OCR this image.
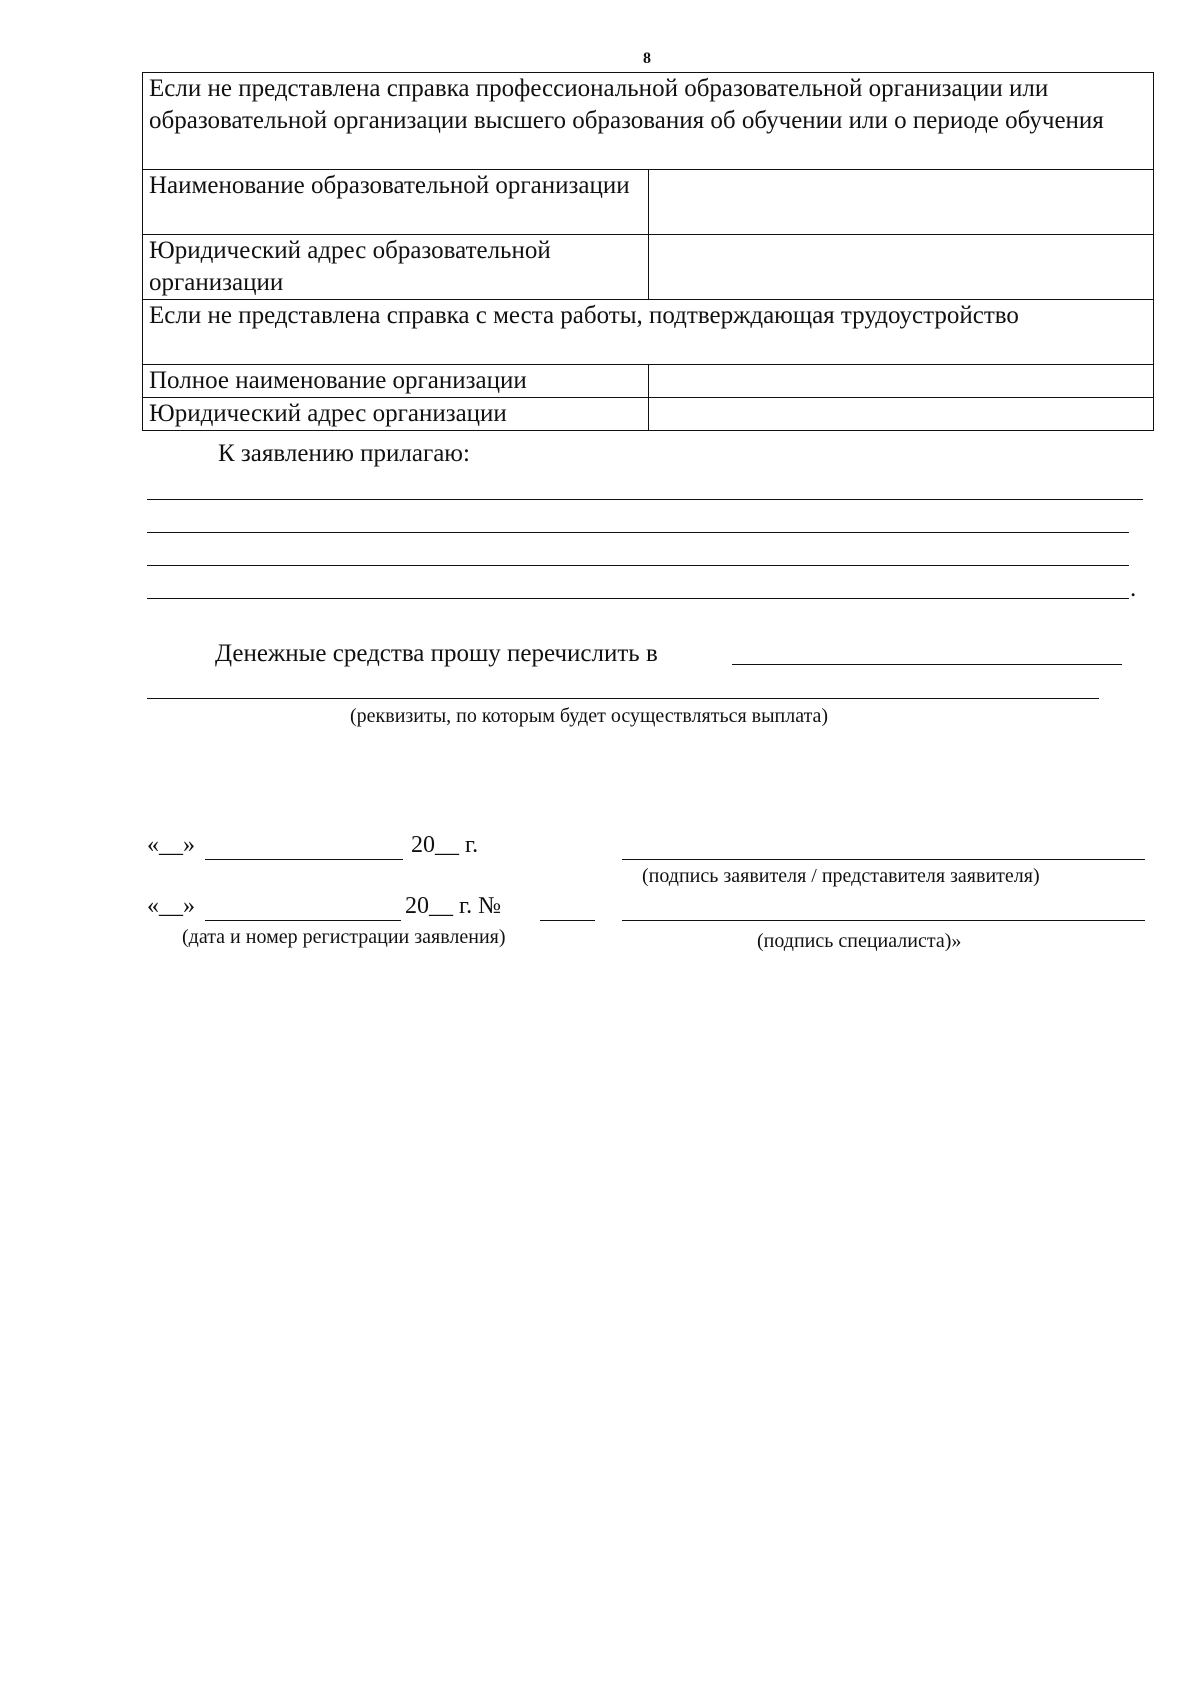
8
Если не представлена справка профессиональной образовательной организации или образовательной организации высшего образования об обучении или о периоде обучения	
Наименование образовательной организации	
Юридический адрес образовательной организации	
Если не представлена справка с места работы, подтверждающая трудоустройство	
Полное наименование организации	
Юридический адрес организации	
К заявлению прилагаю:
.
Денежные средства прошу перечислить в
(реквизиты, по которым будет осуществляться выплата)
«__»	20__ г.
(подпись заявителя / представителя заявителя)
«__»	20__ г. №
(дата и номер регистрации заявления)	(подпись специалиста)»
